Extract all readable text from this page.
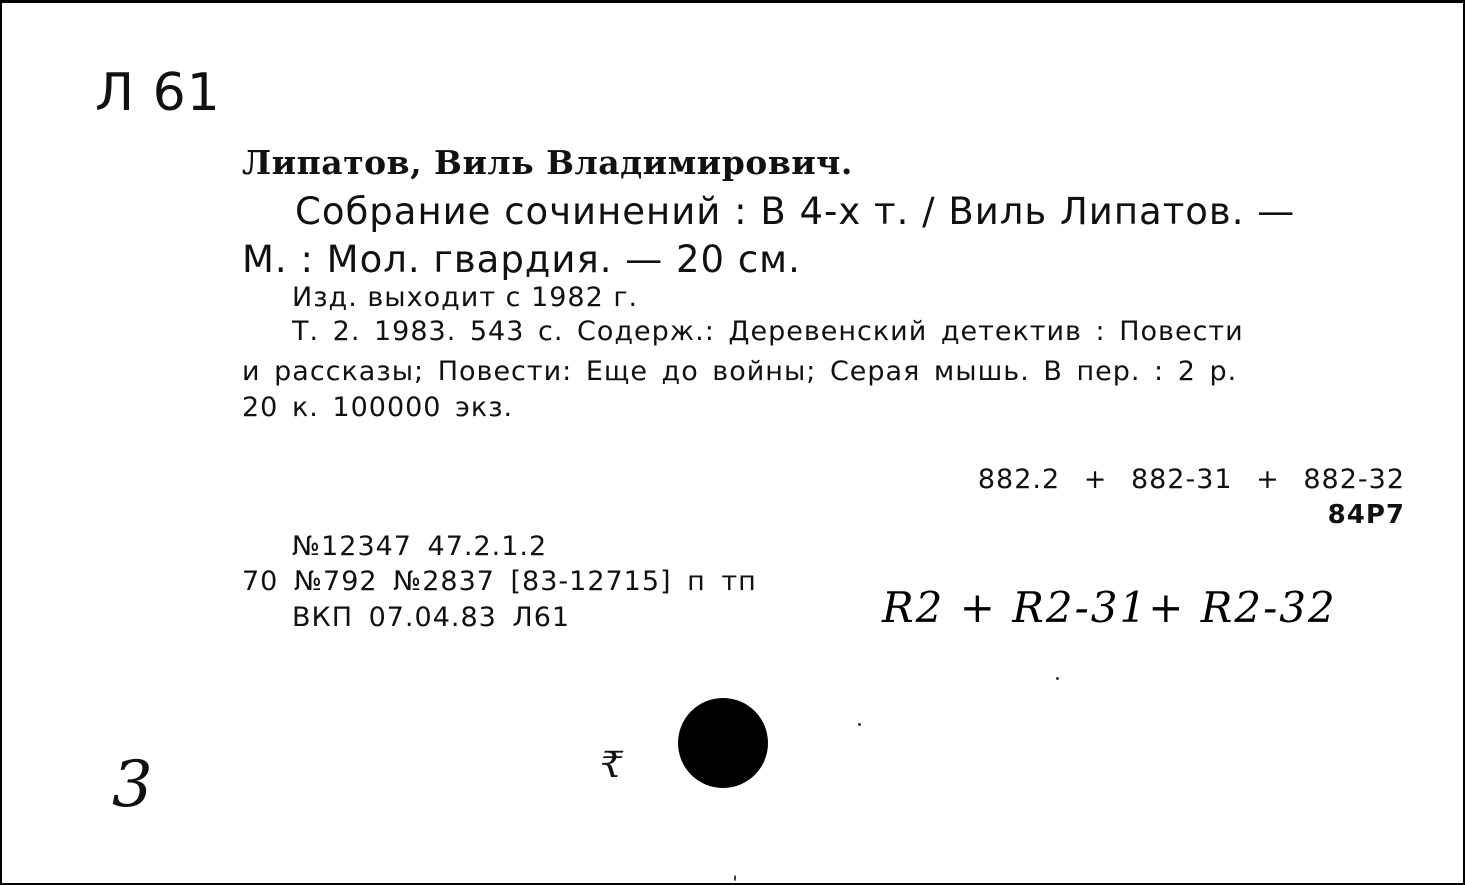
Л 61
Липатов, Виль Владимирович.
Собрание сочинений : В 4-х т. / Виль Липатов. —
М. : Мол. гвардия. — 20 см.
Изд. выходит с 1982 г.
Т. 2. 1983. 543 с. Содерж.: Деревенский детектив : Повести
и рассказы; Повести: Еще до войны; Серая мышь. В пер. : 2 р.
20 к. 100000 экз.
882.2 + 882-31 + 882-32
84Р7
№12347 47.2.1.2
70 №792 №2837 [83-12715] п тп
ВКП 07.04.83 Л61	R2 + R2-31+ R2-32
3	₹
